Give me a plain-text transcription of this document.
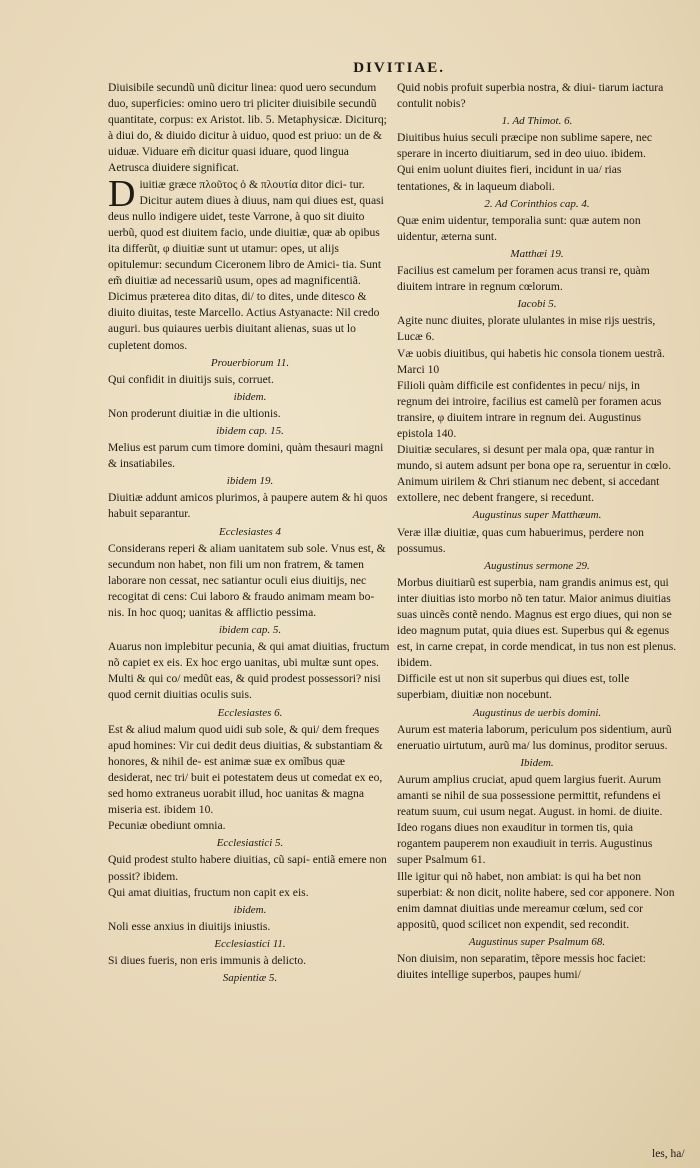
DIVITIAE.

Diuisibile secundũ unũ dicitur linea: quod uero secundum duo, superficies: omino uero tri pliciter diuisibile secundũ quantitate, corpus: ex Aristot. lib. 5. Metaphysicæ. Diciturq; à diui do, & diuido dicitur à uiduo, quod est priuo: un de & uiduæ. Viduare em̃ dicitur quasi iduare, quod lingua Aetrusca diuidere significat.

Diuitiæ græce πλοῦτος ὁ & πλουτία ditor dici- tur. Dicitur autem diues à diuus, nam qui diues est, quasi deus nullo indigere uidet, teste Varrone, à quo sit diuito uerbũ, quod est diuitem facio, unde diuitiæ, quæ ab opibus ita differũt, φ diuitiæ sunt ut utamur: opes, ut alijs opitulemur: secundum Ciceronem libro de Amici- tia. Sunt em̃ diuitiæ ad necessariũ usum, opes ad magnificentiã. Dicimus præterea dito ditas, di/ to dites, unde ditesco & diuito diuitas, teste Marcello. Actius Astyanacte: Nil credo auguri. bus quiaures uerbis diuitant alienas, suas ut lo cupletent domos.

Prouerbiorum 11.

Qui confidit in diuitijs suis, corruet.

ibidem.

Non proderunt diuitiæ in die ultionis.

ibidem cap. 15.

Melius est parum cum timore domini, quàm thesauri magni & insatiabiles.

ibidem 19.

Diuitiæ addunt amicos plurimos, à paupere autem & hi quos habuit separantur.

Ecclesiastes 4

Considerans reperi & aliam uanitatem sub sole. Vnus est, & secundum non habet, non fili um non fratrem, & tamen laborare non cessat, nec satiantur oculi eius diuitijs, nec recogitat di cens: Cui laboro & fraudo animam meam bo- nis. In hoc quoq; uanitas & afflictio pessima.

ibidem cap. 5.

Auarus non implebitur pecunia, & qui amat diuitias, fructum nõ capiet ex eis. Ex hoc ergo uanitas, ubi multæ sunt opes. Multi & qui co/ medũt eas, & quid prodest possessori? nisi quod cernit diuitias oculis suis.

Ecclesiastes 6.

Est & aliud malum quod uidi sub sole, & qui/ dem freques apud homines: Vir cui dedit deus diuitias, & substantiam & honores, & nihil de- est animæ suæ ex omĩbus quæ desiderat, nec tri/ buit ei potestatem deus ut comedat ex eo, sed homo extraneus uorabit illud, hoc uanitas & magna miseria est. ibidem 10.

Pecuniæ obediunt omnia.

Ecclesiastici 5.

Quid prodest stulto habere diuitias, cũ sapi- entiã emere non possit? ibidem.

Qui amat diuitias, fructum non capit ex eis.

ibidem.

Noli esse anxius in diuitijs iniustis.

Ecclesiastici 11.

Si diues fueris, non eris immunis à delicto.

Sapientiæ 5.

Quid nobis profuit superbia nostra, & diui- tiarum iactura contulit nobis?

1. Ad Thimot. 6.

Diuitibus huius seculi præcipe non sublime sapere, nec sperare in incerto diuitiarum, sed in deo uiuo. ibidem.

Qui enim uolunt diuites fieri, incidunt in ua/ rias tentationes, & in laqueum diaboli.

2. Ad Corinthios cap. 4.

Quæ enim uidentur, temporalia sunt: quæ autem non uidentur, æterna sunt.

Matthæi 19.

Facilius est camelum per foramen acus transi re, quàm diuitem intrare in regnum cœlorum.

Iacobi 5.

Agite nunc diuites, plorate ululantes in mise rijs uestris, Lucæ 6.

Væ uobis diuitibus, qui habetis hic consola tionem uestrã. Marci 10

Filioli quàm difficile est confidentes in pecu/ nijs, in regnum dei introire, facilius est camelũ per foramen acus transire, φ diuitem intrare in regnum dei. Augustinus epistola 140.

Diuitiæ seculares, si desunt per mala opa, quæ rantur in mundo, si autem adsunt per bona ope ra, seruentur in cœlo. Animum uirilem & Chri stianum nec debent, si accedant extollere, nec debent frangere, si recedunt.

Augustinus super Matthæum.

Veræ illæ diuitiæ, quas cum habuerimus, perdere non possumus.

Augustinus sermone 29.

Morbus diuitiarũ est superbia, nam grandis animus est, qui inter diuitias isto morbo nõ ten tatur. Maior animus diuitias suas uincẽs contẽ nendo. Magnus est ergo diues, qui non se ideo magnum putat, quia diues est. Superbus qui & egenus est, in carne crepat, in corde mendicat, in tus non est plenus. ibidem.

Difficile est ut non sit superbus qui diues est, tolle superbiam, diuitiæ non nocebunt.

Augustinus de uerbis domini.

Aurum est materia laborum, periculum pos sidentium, aurũ eneruatio uirtutum, aurũ ma/ lus dominus, proditor seruus.

Ibidem.

Aurum amplius cruciat, apud quem largius fuerit. Aurum amanti se nihil de sua possessione permittit, refundens ei reatum suum, cui usum negat. August. in homi. de diuite.

Ideo rogans diues non exauditur in tormen tis, quia rogantem pauperem non exaudiuit in terris. Augustinus super Psalmum 61.

Ille igitur qui nõ habet, non ambiat: is qui ha bet non superbiat: & non dicit, nolite habere, sed cor apponere. Non enim damnat diuitias unde mereamur cœlum, sed cor appositũ, quod scilicet non expendit, sed recondit.

Augustinus super Psalmum 68.

Non diuisim, non separatim, tẽpore messis hoc faciet: diuites intellige superbos, paupes humi/

les, ha/
